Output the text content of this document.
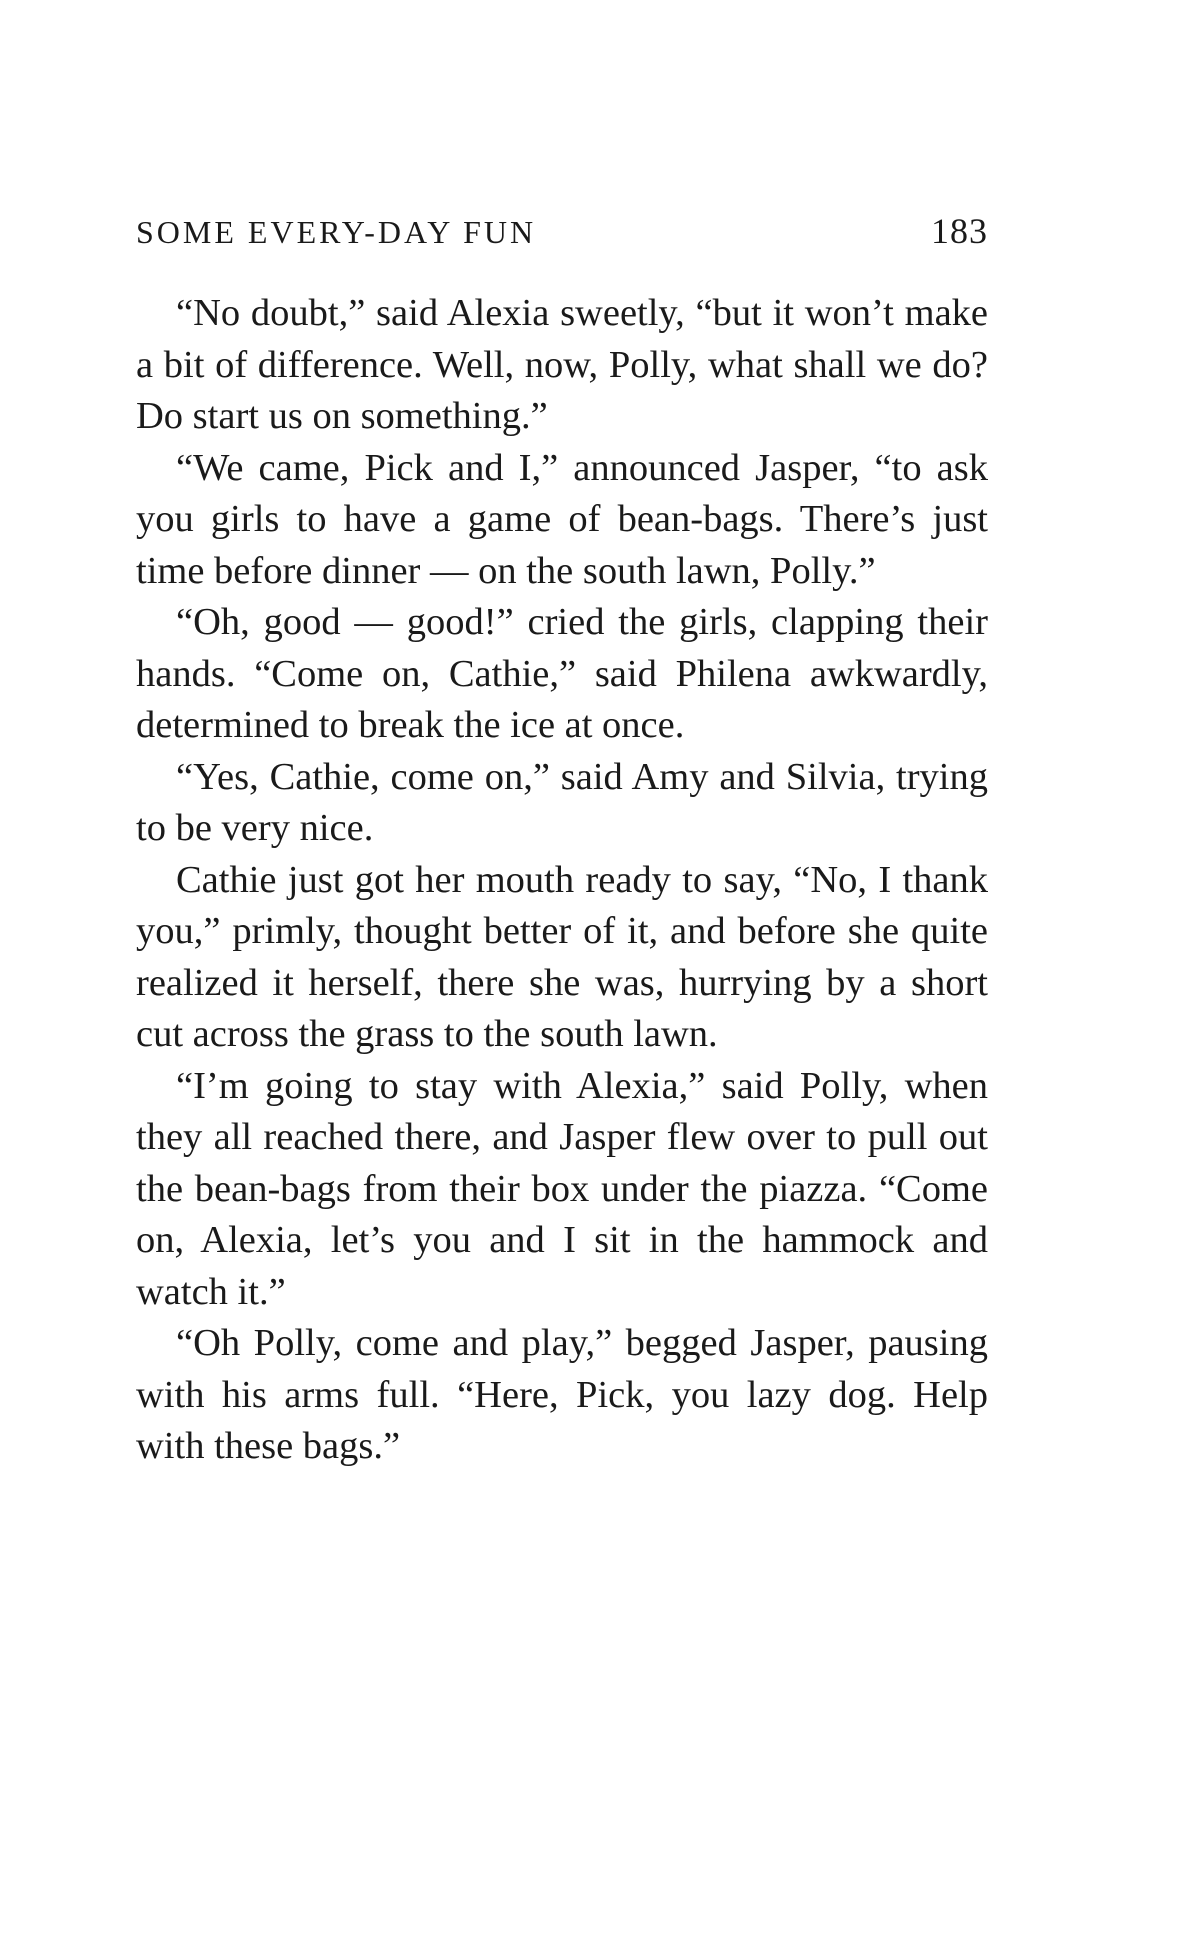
SOME EVERY-DAY FUN	183

“No doubt,” said Alexia sweetly, “but it won’t make a bit of difference. Well, now, Polly, what shall we do? Do start us on something.”

“We came, Pick and I,” announced Jasper, “to ask you girls to have a game of bean-bags. There’s just time before dinner — on the south lawn, Polly.”

“Oh, good — good!” cried the girls, clapping their hands. “Come on, Cathie,” said Philena awkwardly, determined to break the ice at once.

“Yes, Cathie, come on,” said Amy and Silvia, trying to be very nice.

Cathie just got her mouth ready to say, “No, I thank you,” primly, thought better of it, and before she quite realized it herself, there she was, hurrying by a short cut across the grass to the south lawn.

“I’m going to stay with Alexia,” said Polly, when they all reached there, and Jasper flew over to pull out the bean-bags from their box under the piazza. “Come on, Alexia, let’s you and I sit in the hammock and watch it.”

“Oh Polly, come and play,” begged Jasper, pausing with his arms full. “Here, Pick, you lazy dog. Help with these bags.”
